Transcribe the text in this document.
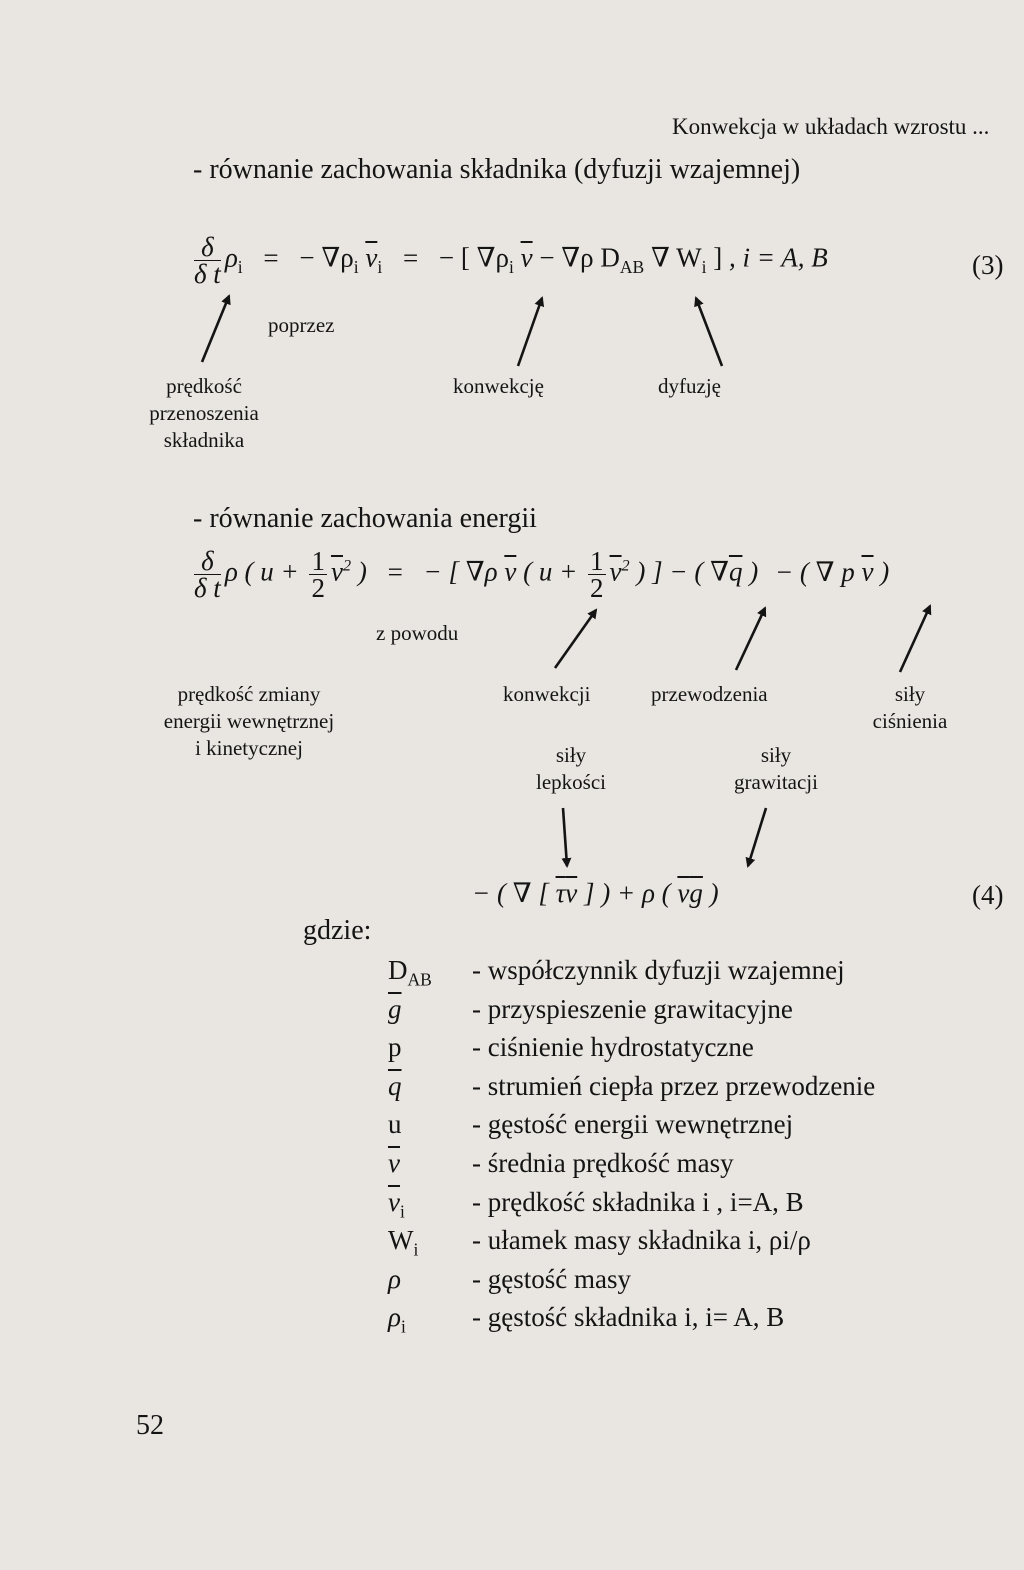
Konwekcja w układach wzrostu ...
- równanie zachowania składnika (dyfuzji wzajemnej)
$\frac{\delta}{\text{δ t}} \rho_i$ = − $\nabla\rho_i$ $\overline{v}_i$ = − [ $\nabla\rho_i$ $\overline{v} - \nabla\rho$ $D_{AB}$ ∇ $W_i$ ] , i = A, B	(3)
poprzez
prędkość
przenoszenia
składnika
konwekcję	dyfuzję
- równanie zachowania energii
$\frac{\delta}{\text{δ t}}$ ρ ( $u + \frac{1}{2} \overline{v}^2$ ) = − [ ∇ρ $\overline{v}$ ( $u + \frac{1}{2} \overline{v}^2$ ) ] − ( $\nabla\overline{q}$ ) − ( ∇ p $\overline{v}$ )
z powodu
prędkość zmiany
energii wewnętrznej
i kinetycznej
konwekcji	przewodzenia	siły
ciśnienia
siły
lepkości
siły
grawitacji
− ( ∇ [ $\overline{\tau}\overline{v}$ ] ) + ρ ( $\overline{v}\overline{g}$ )	(4)
gdzie:
$D_{AB}$ - współczynnik dyfuzji wzajemnej
$\overline{g}$	- przyspieszenie grawitacyjne
p	- ciśnienie hydrostatyczne
$\overline{q}$	- strumień ciepła przez przewodzenie
u	- gęstość energii wewnętrznej
$\overline{v}$	- średnia prędkość masy
$\overline{v}_i$ - prędkość składnika i , i=A, B
$W_i$ - ułamek masy składnika i, ρi/ρ
ρ	- gęstość masy
$\rho_i$ - gęstość składnika i, i= A, B
52
